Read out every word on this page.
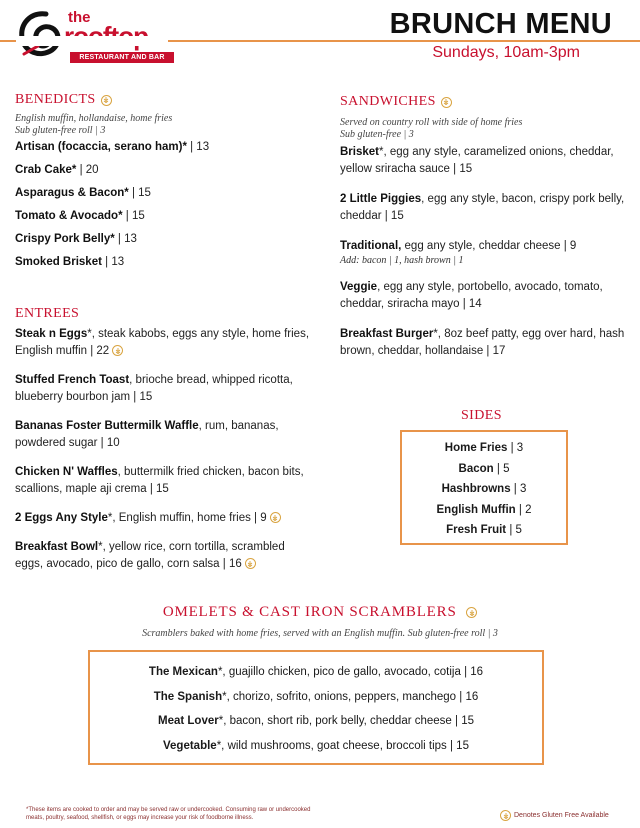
the
RESTAURANT AND BAR
BRUNCH MENU
Sundays, 10am-3pm
BENEDICTS
English muffin, hollandaise, home fries
Sub gluten-free roll | 3
Artisan (focaccia, serano ham)* | 13
Crab Cake* | 20
Asparagus & Bacon* | 15
Tomato & Avocado* | 15
Crispy Pork Belly* | 13
Smoked Brisket | 13
ENTREES
Steak n Eggs*, steak kabobs, eggs any style, home fries, English muffin | 22
Stuffed French Toast, brioche bread, whipped ricotta, blueberry bourbon jam | 15
Bananas Foster Buttermilk Waffle, rum, bananas, powdered sugar | 10
Chicken N' Waffles, buttermilk fried chicken, bacon bits, scallions, maple aji crema | 15
2 Eggs Any Style*, English muffin, home fries | 9
Breakfast Bowl*, yellow rice, corn tortilla, scrambled eggs, avocado, pico de gallo, corn salsa | 16
SANDWICHES
Served on country roll with side of home fries
Sub gluten-free | 3
Brisket*, egg any style, caramelized onions, cheddar, yellow sriracha sauce | 15
2 Little Piggies, egg any style, bacon, crispy pork belly, cheddar | 15
Traditional, egg any style, cheddar cheese | 9
Add: bacon | 1, hash brown | 1
Veggie, egg any style, portobello, avocado, tomato, cheddar, sriracha mayo | 14
Breakfast Burger*, 8oz beef patty, egg over hard, hash brown, cheddar, hollandaise | 17
SIDES
Home Fries | 3
Bacon | 5
Hashbrowns | 3
English Muffin | 2
Fresh Fruit | 5
OMELETS & CAST IRON SCRAMBLERS
Scramblers baked with home fries, served with an English muffin. Sub gluten-free roll | 3
The Mexican*, guajillo chicken, pico de gallo, avocado, cotija | 16
The Spanish*, chorizo, sofrito, onions, peppers, manchego | 16
Meat Lover*, bacon, short rib, pork belly, cheddar cheese | 15
Vegetable*, wild mushrooms, goat cheese, broccoli tips | 15
*These items are cooked to order and may be served raw or undercooked. Consuming raw or undercooked meats, poultry, seafood, shellfish, or eggs may increase your risk of foodborne illness.	Denotes Gluten Free Available
